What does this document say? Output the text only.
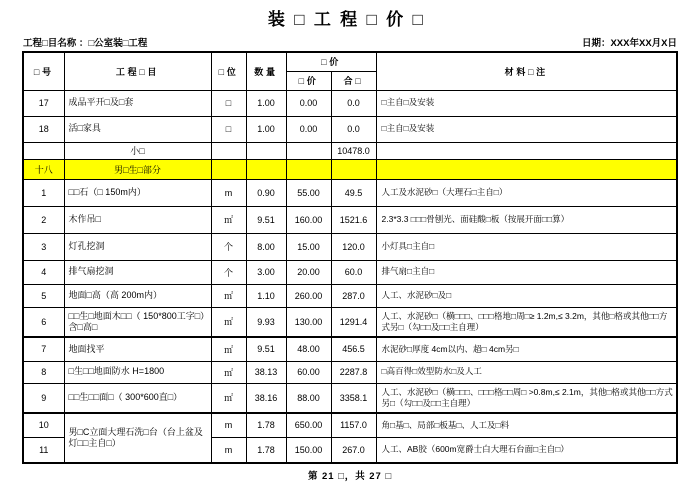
装□工程□价□
工程□目名称 ：□公室装□工程	日期：XXX年XX月X日
□号	工程□目	□位	数量	□价		材料□注
				□价	合□	
17	成品平开□及□套	□	1.00	0.00	0.0	□主自□及安装
18	活□家具	□	1.00	0.00	0.0	□主自□及安装
	小□				10478.0	
十八	男□生□部分					
1	□□石（□ 150m内）	m	0.90	55.00	49.5	人工及水泥砂□（大理石□主自□）
2	木作吊□	㎡	9.51	160.00	1521.6	2.3*3.3 □□□骨刨光、面硅酸□板（按展开面□□算）
3	灯孔挖洞	个	8.00	15.00	120.0	小灯具□主自□
4	排气扇挖洞	个	3.00	20.00	60.0	排气扇□主自□
5	地面□高（高 200m内）	㎡	1.10	260.00	287.0	人工、水泥砂□及□
6	□□生□地面木□□（ 150*800工字□）含□高□	㎡	9.93	130.00	1291.4	人工、水泥砂□（横□□□、□□□格地□周□≥ 1.2m,≤ 3.2m，其他□格或其他□□方式另□（勾□□及□□主自理）
7	地面找平	㎡	9.51	48.00	456.5	水泥砂□厚度 4cm以内、超□ 4cm另□
8	□生□□地面防水 H=1800	㎡	38.13	60.00	2287.8	□高百得□效型防水□及人工
9	□□生□□面□（ 300*600直□）	㎡	38.16	88.00	3358.1	人工、水泥砂□（横□□□、□□□格□□周□ >0.8m,≤ 2.1m，其他□格或其他□□方式另□（勾□□及□□主自理）
10	男□C立面大理石洗□台（台上盆及灯□□主自□）	m	1.78	650.00	1157.0	角□基□、局部□板基□、人工及□料
11		m	1.78	150.00	267.0	人工、AB胶（600m宽爵士白大理石台面□主自□）
第 21 □，共 27 □
